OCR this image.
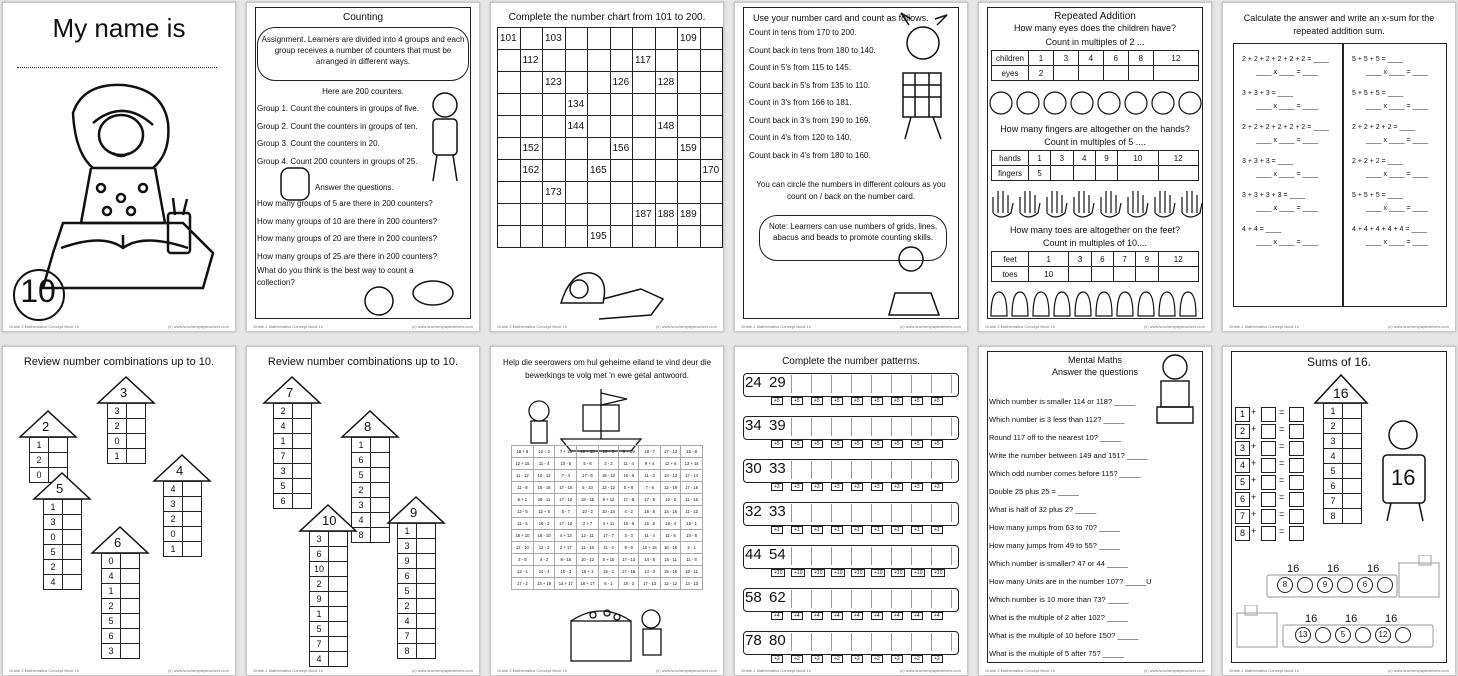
My name is
10
Grade 2 Mathematics Concept Book 10	(c) www.teacherspayteachers.com
Counting
Assignment. Learners are divided into 4 groups and each group receives a number of counters that must be arranged in different ways.
Here are 200 counters.
Group 1. Count the counters in groups of five.
Group 2. Count the counters in groups of ten.
Group 3. Count the counters in 20.
Group 4. Count 200 counters in groups of 25.
Answer the questions.
How many groups of 5 are there in 200 counters?
How many groups of 10 are there in 200 counters?
How many groups of 20 are there in 200 counters?
How many groups of 25 are there in 200 counters?
What do you think is the best way to count a collection?
Grade 2 Mathematics Concept Book 10	(c) www.teacherspayteachers.com
Complete the number chart from 101 to 200.
101		103						109	
	112					117			
		123			126		128		
			134						
			144				148		
	152				156			159	
	162			165					170
		173							
						187	188	189	
				195					
Grade 2 Mathematics Concept Book 10	(c) www.teacherspayteachers.com
Use your number card and count as follows.
Count in tens from 170 to 200.
Count back in tens from 180 to 140.
Count in 5's from 115 to 145.
Count back in 5's from 135 to 110.
Count in 3's from 166 to 181.
Count back in 3's from 190 to 169.
Count in 4's from 120 to 140.
Count back in 4's from 180 to 160.
You can circle the numbers in different colours as you count on / back on the number card.
Note: Learners can use numbers of grids, lines, abacus and beads to promote counting skills.
Grade 2 Mathematics Concept Book 10	(c) www.teacherspayteachers.com
Repeated Addition
How many eyes does the children have?
Count in multiples of 2 ...
children	1	3	4	6	8	12
eyes	2					
How many fingers are altogether on the hands?
Count in multiples of 5 ....
hands	1	3	4	9	10	12
fingers	5					
How many toes are altogether on the feet?
Count in multiples of 10....
feet	1	3	6	7	9	12
toes	10					
Grade 2 Mathematics Concept Book 10	(c) www.teacherspayteachers.com
Calculate the answer and write an x-sum for the repeated addition sum.
2 + 2 + 2 + 2 + 2 + 2 = ____
____ x ____ = ____
3 + 3 + 3 = ____
____ x ____ = ____
2 + 2 + 2 + 2 + 2 + 2 = ____
____ x ____ = ____
3 + 3 + 3 = ____
____ x ____ = ____
3 + 3 + 3 + 3 = ____
____ x ____ = ____
4 + 4 = ____
____ x ____ = ____
5 + 5 + 5 = ____
____ x ____ = ____
5 + 5 + 5 = ____
____ x ____ = ____
2 + 2 + 2 + 2 = ____
____ x ____ = ____
2 + 2 + 2 = ____
____ x ____ = ____
5 + 5 + 5 = ____
____ x ____ = ____
4 + 4 + 4 + 4 + 4 = ____
____ x ____ = ____
Grade 2 Mathematics Concept Book 10	(c) www.teacherspayteachers.com
Review number combinations up to 10.
2
1	
2	
0	
3
3	
2	
0	
1	
4
4	
3	
2	
0	
1	
5
1	
3	
0	
5	
2	
4	
6
0	
4	
1	
2	
5	
6	
3	
Grade 2 Mathematics Concept Book 10	(c) www.teacherspayteachers.com
Review number combinations up to 10.
7
2	
4	
1	
7	
3	
5	
6	
8
1	
6	
5	
2	
3	
4	
8	
10
3	
6	
10	
2	
9	
1	
5	
7	
4	
9
1	
3	
9	
6	
5	
2	
4	
7	
8	
Grade 2 Mathematics Concept Book 10	(c) www.teacherspayteachers.com
Help die seerowers om hul geheime eiland te vind deur die bewerkings te volg met 'n ewe getal antwoord.
18 + 8	12 ÷ 2	7 + 18	10 + 13	16 + 3	9 + 19	18 - 7	17 - 13	15 - 8
12 + 15	11 - 4	10 - 5	5 - 6	3 - 2	11 - 4	9 + 4	12 + 6	13 + 14
11 - 12	10 - 12	7 - 4	17 - 6	18 - 10	16 - 6	11 - 3	13 - 13	17 - 14
11 - 8	10 - 16	17 - 15	5 - 10	12 - 12	5 + 8	7 - 9	12 - 19	17 - 16
6 + 1	16 - 11	17 - 16	18 - 15	8 + 12	17 - 8	17 - 5	10 - 5	11 - 16
12 - 5	12 + 5	5 - 7	10 - 2	10 - 14	4 - 2	16 - 8	14 - 16	11 - 12
11 - 5	16 - 2	17 - 16	3 + 7	4 + 11	15 - 6	15 - 6	18 - 4	15 - 1
18 + 10	18 - 10	4 + 13	12 - 11	17 - 7	3 - 3	11 - 4	11 - 6	10 - 8
12 - 10	12 - 2	2 + 17	11 - 18	11 - 4	9 - 9	10 + 15	16 - 16	2 - 1
2 - 5	4 - 2	8 - 15	10 - 12	5 + 10	17 - 13	14 - 5	15 - 11	11 - 8
12 - 1	14 - 4	15 - 3	15 + 1	15 - 2	17 - 16	14 - 3	15 - 16	10 - 11
17 - 2	13 + 19	14 + 17	18 + 17	6 - 1	18 - 3	17 - 13	12 - 12	13 - 13
Grade 2 Mathematics Concept Book 10	(c) www.teacherspayteachers.com
Complete the number patterns.
24 29
+5	+5	+5	+5	+5	+5	+5	+5	+5
34 39
+5	+5	+5	+5	+5	+5	+5	+5	+5
30 33
+3	+3	+3	+3	+3	+3	+3	+3	+3
32 33
+1	+1	+1	+1	+1	+1	+1	+1	+1
44 54
+10	+10	+10	+10	+10	+10	+10	+10	+10
58 62
+4	+4	+4	+4	+4	+4	+4	+4	+4
78 80
+2	+2	+2	+2	+2	+2	+2	+2	+2
Grade 2 Mathematics Concept Book 10	(c) www.teacherspayteachers.com
Mental Maths
Answer the questions
Which number is smaller 114 or 118? _____
Which number is 3 less than 112? _____
Round 117 off to the nearest 10? _____
Write the number between 149 and 151? _____
Which odd number comes before 115? _____
Double 25 plus 25 = _____
What is half of 32 plus 2? _____
How many jumps from 63 to 70? _____
How many jumps from 49 to 55? _____
Which number is smaller? 47 or 44 _____
How many Units are in the number 107? _____U
Which number is 10 more than 73? _____
What is the multiple of 2 after 102? _____
What is the multiple of 10 before 150? _____
What is the multiple of 5 after 75? _____
Grade 2 Mathematics Concept Book 10	(c) www.teacherspayteachers.com
Sums of 16.
1 +	=
2 +	=
3 +	=
4 +	=
5 +	=
6 +	=
7 +	=
8 +	=
16
1	
2	
3	
4	
5	
6	
7	
8	
16
16
8
16
9
16
6
16
13
16
5
16
12
Grade 2 Mathematics Concept Book 10	(c) www.teacherspayteachers.com
